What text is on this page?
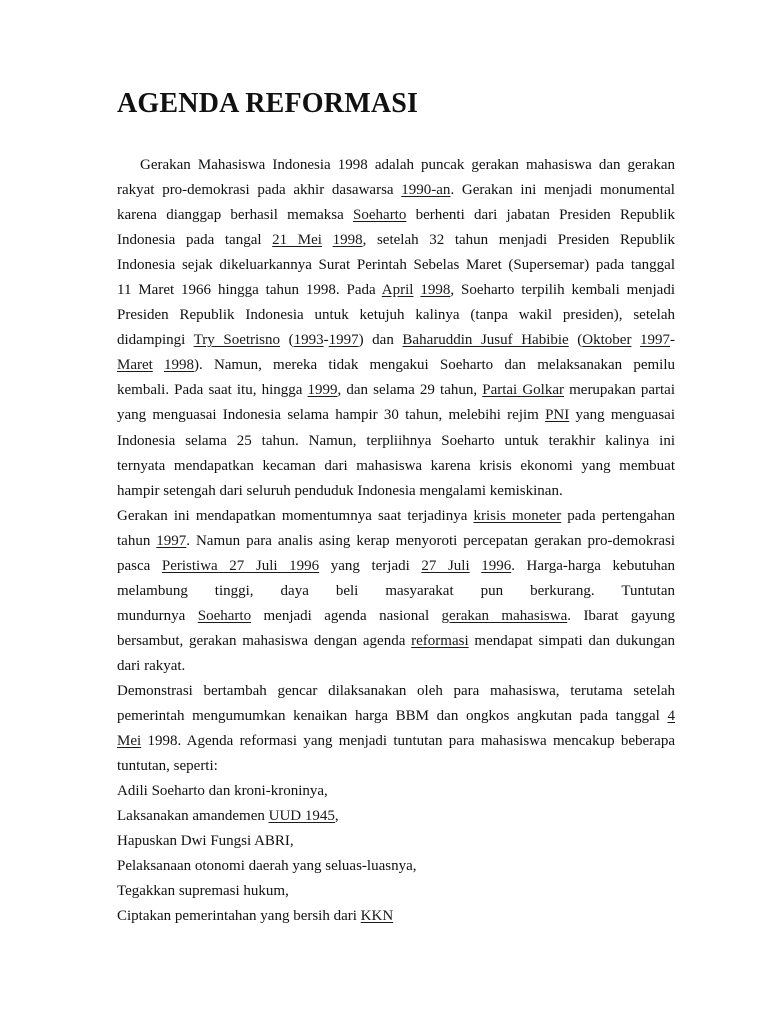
AGENDA REFORMASI
Gerakan Mahasiswa Indonesia 1998 adalah puncak gerakan mahasiswa dan gerakan
rakyat pro-demokrasi pada akhir dasawarsa 1990-an. Gerakan ini menjadi monumental
karena dianggap berhasil memaksa Soeharto berhenti dari jabatan Presiden Republik
Indonesia pada tangal 21 Mei 1998, setelah 32 tahun menjadi Presiden Republik
Indonesia sejak dikeluarkannya Surat Perintah Sebelas Maret (Supersemar) pada tanggal
11 Maret 1966 hingga tahun 1998. Pada April 1998, Soeharto terpilih kembali menjadi
Presiden Republik Indonesia untuk ketujuh kalinya (tanpa wakil presiden), setelah
didampingi Try Soetrisno (1993-1997) dan Baharuddin Jusuf Habibie (Oktober 1997-
Maret 1998). Namun, mereka tidak mengakui Soeharto dan melaksanakan pemilu
kembali. Pada saat itu, hingga 1999, dan selama 29 tahun, Partai Golkar merupakan partai
yang menguasai Indonesia selama hampir 30 tahun, melebihi rejim PNI yang menguasai
Indonesia selama 25 tahun. Namun, terpliihnya Soeharto untuk terakhir kalinya ini
ternyata mendapatkan kecaman dari mahasiswa karena krisis ekonomi yang membuat
hampir setengah dari seluruh penduduk Indonesia mengalami kemiskinan.
Gerakan ini mendapatkan momentumnya saat terjadinya krisis moneter pada pertengahan
tahun 1997. Namun para analis asing kerap menyoroti percepatan gerakan pro-demokrasi
pasca Peristiwa 27 Juli 1996 yang terjadi 27 Juli 1996. Harga-harga kebutuhan
melambung tinggi, daya beli masyarakat pun berkurang. Tuntutan
mundurnya Soeharto menjadi agenda nasional gerakan mahasiswa. Ibarat gayung
bersambut, gerakan mahasiswa dengan agenda reformasi mendapat simpati dan dukungan
dari rakyat.
Demonstrasi bertambah gencar dilaksanakan oleh para mahasiswa, terutama setelah
pemerintah mengumumkan kenaikan harga BBM dan ongkos angkutan pada tanggal 4
Mei 1998. Agenda reformasi yang menjadi tuntutan para mahasiswa mencakup beberapa
tuntutan, seperti:
Adili Soeharto dan kroni-kroninya,
Laksanakan amandemen UUD 1945,
Hapuskan Dwi Fungsi ABRI,
Pelaksanaan otonomi daerah yang seluas-luasnya,
Tegakkan supremasi hukum,
Ciptakan pemerintahan yang bersih dari KKN
